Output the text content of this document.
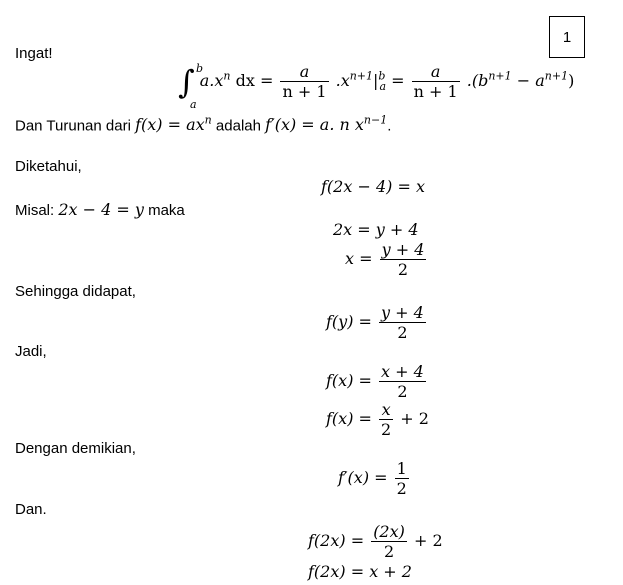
1
Ingat!
∫ b
a
$a.x^n$ dx = $\frac{a}{n + 1} .x^{n+1}|^b_a = \frac{a}{n + 1} .(b^{n+1} - a^{n+1})$
Dan Turunan dari $f(x) = ax^n$ adalah f′(x) = a. n $x^{n-1}$.
Diketahui,
f(2x − 4) = x
Misal: 2x − 4 = y maka
2x = y + 4
$x = \frac{y + 4}{2}$
Sehingga didapat,
$f(y) = \frac{y + 4}{2}$
Jadi,
$f(x) = \frac{x + 4}{2}$
$f(x) = \frac{x}{2} + 2$
Dengan demikian,
$f'(x) = \frac{1}{2}$
Dan.
$f(2x) = \frac{(2x)}{2} + 2$
f(2x) = x + 2
